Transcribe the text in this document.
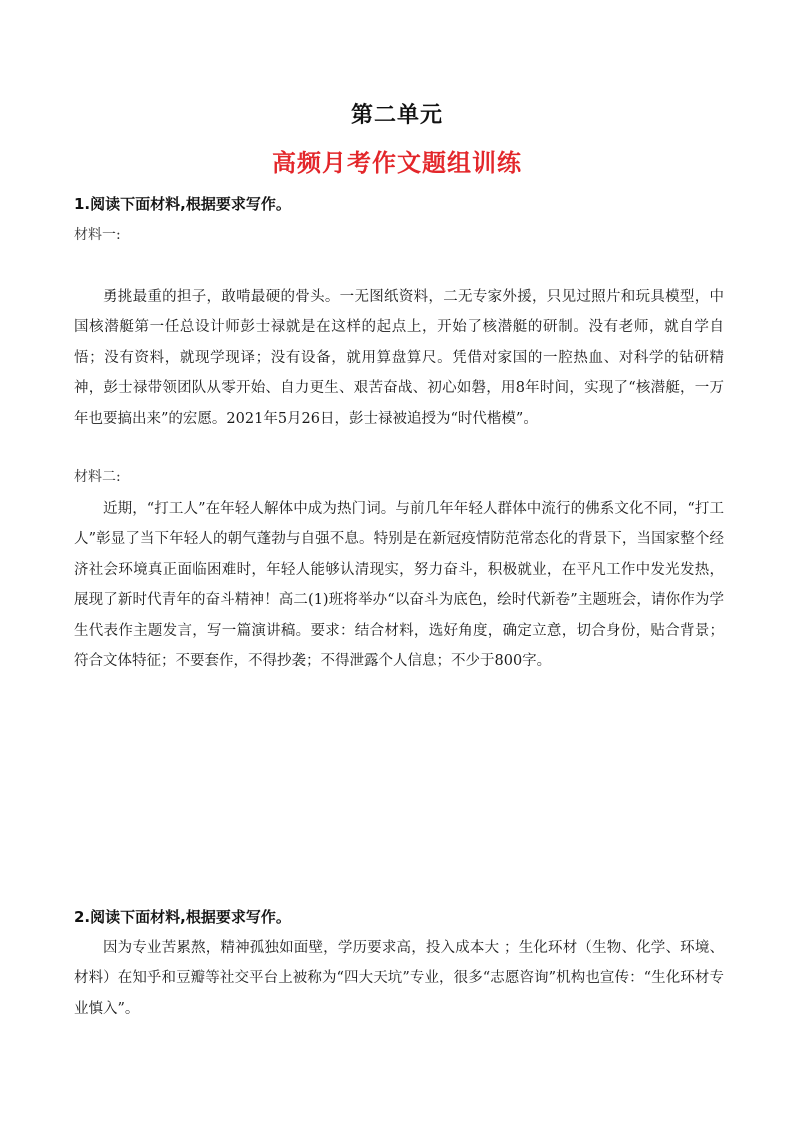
第二单元
高频月考作文题组训练
1.阅读下面材料,根据要求写作。
材料一:

勇挑最重的担子，敢啃最硬的骨头。一无图纸资料，二无专家外援，只见过照片和玩具模型，中国核潜艇第一任总设计师彭士禄就是在这样的起点上，开始了核潜艇的研制。没有老师，就自学自悟；没有资料，就现学现译；没有设备，就用算盘算尺。凭借对家国的一腔热血、对科学的钻研精神，彭士禄带领团队从零开始、自力更生、艰苦奋战、初心如磐，用8年时间，实现了“核潜艇，一万年也要搞出来”的宏愿。2021年5月26日，彭士禄被追授为“时代楷模”。

材料二:

近期，“打工人”在年轻人解体中成为热门词。与前几年年轻人群体中流行的佛系文化不同，“打工人”彰显了当下年轻人的朝气蓬勃与自强不息。特别是在新冠疫情防范常态化的背景下，当国家整个经济社会环境真正面临困难时，年轻人能够认清现实，努力奋斗，积极就业，在平凡工作中发光发热，展现了新时代青年的奋斗精神！高二(1)班将举办“以奋斗为底色，绘时代新卷”主题班会，请你作为学生代表作主题发言，写一篇演讲稿。要求：结合材料，选好角度，确定立意，切合身份，贴合背景；符合文体特征；不要套作，不得抄袭；不得泄露个人信息；不少于800字。

2.阅读下面材料,根据要求写作。

因为专业苦累熬，精神孤独如面壁，学历要求高，投入成本大 ；生化环材（生物、化学、环境、材料）在知乎和豆瓣等社交平台上被称为“四大天坑”专业，很多“志愿咨询”机构也宣传：“生化环材专业慎入”。
